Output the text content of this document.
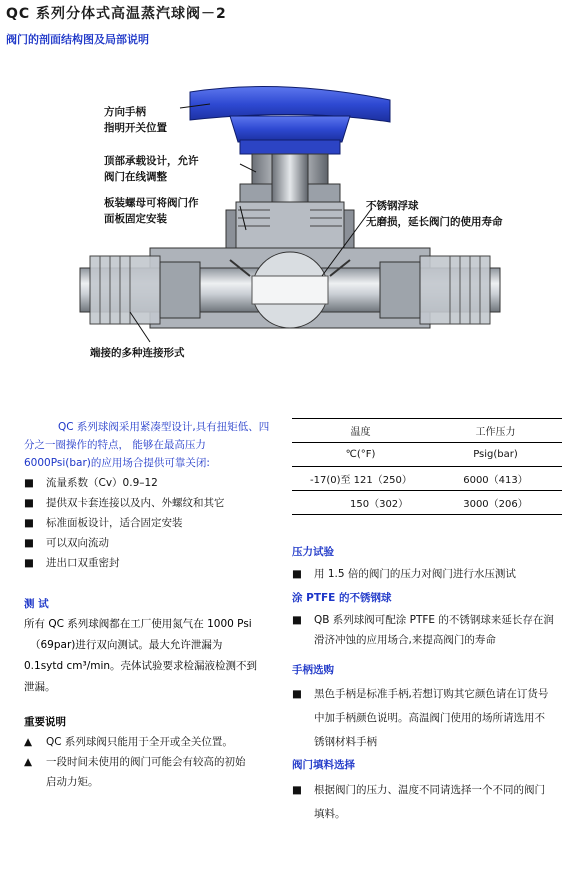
QC 系列分体式高温蒸汽球阀－2
阀门的剖面结构图及局部说明
方向手柄
指明开关位置
顶部承载设计，允许
阀门在线调整
板装螺母可将阀门作
面板固定安装
不锈钢浮球
无磨损，延长阀门的使用寿命
端接的多种连接形式
QC 系列球阀采用紧凑型设计,具有扭矩低、四
分之一圈操作的特点， 能够在最高压力
6000Psi(bar)的应用场合提供可靠关闭:
■ 流量系数（Cv）0.9–12
■ 提供双卡套连接以及内、外螺纹和其它
■ 标准面板设计，适合固定安装
■ 可以双向流动
■ 进出口双重密封
测 试
所有 QC 系列球阀都在工厂使用氮气在 1000 Psi
（69par)进行双向测试。最大允许泄漏为
0.1sytd cm³/min。壳体试验要求检漏液检测不到
泄漏。
重要说明
▲ QC 系列球阀只能用于全开或全关位置。
▲ 一段时间未使用的阀门可能会有较高的初始
启动力矩。
温度	工作压力
℃(°F)	Psig(bar)
-17(0)至 121（250）	6000（413）
150（302）	3000（206）
压力试验
■ 用 1.5 倍的阀门的压力对阀门进行水压测试
涂 PTFE 的不锈钢球
■ QB 系列球阀可配涂 PTFE 的不锈钢球来延长存在润
滑济冲蚀的应用场合,来提高阀门的寿命
手柄选购
■ 黑色手柄是标准手柄,若想订购其它颜色请在订货号
中加手柄颜色说明。高温阀门使用的场所请选用不
锈钢材料手柄
阀门填料选择
■ 根据阀门的压力、温度不同请选择一个不同的阀门
填料。
